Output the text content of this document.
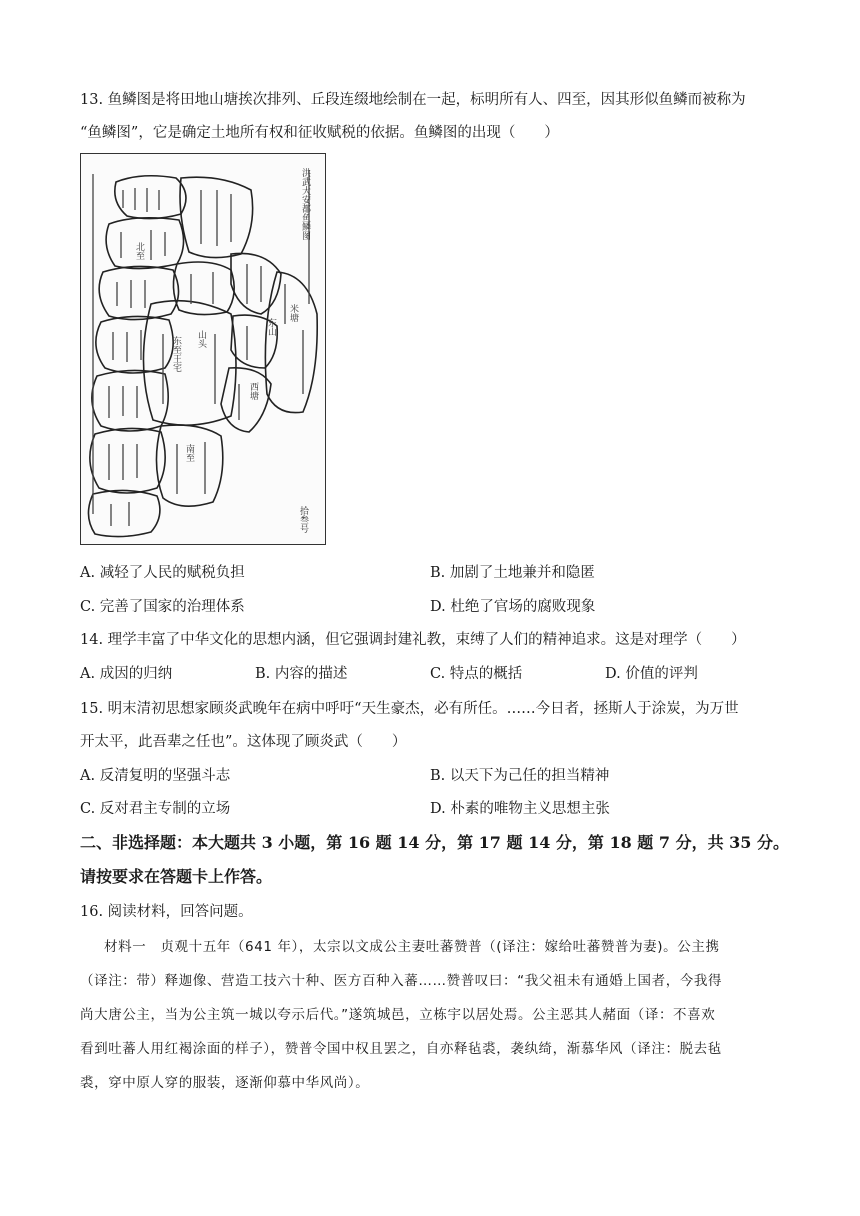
13. 鱼鳞图是将田地山塘挨次排列、丘段连缀地绘制在一起，标明所有人、四至，因其形似鱼鳞而被称为
“鱼鳞图”，它是确定土地所有权和征收赋税的依据。鱼鳞图的出现（　　）
洪武大安都鱼鳞图
拾叁号
东至王宅 山头
米塘
东山
西塘
南至
北至
A. 减轻了人民的赋税负担	B. 加剧了土地兼并和隐匿
C. 完善了国家的治理体系	D. 杜绝了官场的腐败现象
14. 理学丰富了中华文化的思想内涵，但它强调封建礼教，束缚了人们的精神追求。这是对理学（　　）
A. 成因的归纳	B. 内容的描述	C. 特点的概括	D. 价值的评判
15. 明末清初思想家顾炎武晚年在病中呼吁“天生豪杰，必有所任。……今日者，拯斯人于涂炭，为万世
开太平，此吾辈之任也”。这体现了顾炎武（　　）
A. 反清复明的坚强斗志	B. 以天下为己任的担当精神
C. 反对君主专制的立场	D. 朴素的唯物主义思想主张
二、非选择题：本大题共 3 小题，第 16 题 14 分，第 17 题 14 分，第 18 题 7 分，共 35 分。
请按要求在答题卡上作答。
16. 阅读材料，回答问题。
材料一　贞观十五年（641 年），太宗以文成公主妻吐蕃赞普（(译注：嫁给吐蕃赞普为妻)。公主携
（译注：带）释迦像、营造工技六十种、医方百种入蕃……赞普叹曰：“我父祖未有通婚上国者，今我得
尚大唐公主，当为公主筑一城以夸示后代。”遂筑城邑，立栋宇以居处焉。公主恶其人赭面（译：不喜欢
看到吐蕃人用红褐涂面的样子），赞普令国中权且罢之，自亦释毡裘，袭纨绮，渐慕华风（译注：脱去毡
裘，穿中原人穿的服装，逐渐仰慕中华风尚）。
